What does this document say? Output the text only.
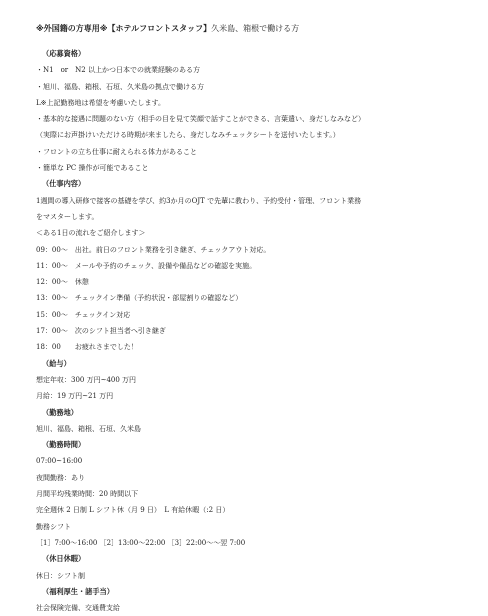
※外国籍の方専用※【ホテルフロントスタッフ】久米島、箱根で働ける方
（応募資格）
・N1　or　N2 以上かつ日本での就業経験のある方
・旭川、福島、箱根、石垣、久米島の拠点で働ける方
L※上記勤務地は希望を考慮いたします。
・基本的な接遇に問題のない方（相手の目を見て笑顔で話すことができる、言葉遣い、身だしなみなど）
（実際にお声掛けいただける時期が来ましたら、身だしなみチェックシートを送付いたします。）
・フロントの立ち仕事に耐えられる体力があること
・簡単な PC 操作が可能であること
（仕事内容）
1週間の導入研修で接客の基礎を学び、約3か月のOJT で先輩に教わり、予約受付・管理、フロント業務
をマスターします。
＜ある1日の流れをご紹介します＞
09：00～　出社。前日のフロント業務を引き継ぎ、チェックアウト対応。
11：00～　メールや予約のチェック、設備や備品などの確認を実施。
12：00～　休憩
13：00～　チェックイン準備（予約状況・部屋割りの確認など）
15：00～　チェックイン対応
17：00～　次のシフト担当者へ引き継ぎ
18：00　　お疲れさまでした！
（給与）
想定年収：300 万円~400 万円
月給：19 万円~21 万円
（勤務地）
旭川、福島、箱根、石垣、久米島
（勤務時間）
07:00~16:00
夜間勤務：あり
月間平均残業時間：20 時間以下
完全週休 2 日制 L シフト休（月 9 日）　L 有給休暇（:2 日）
勤務シフト
［1］7:00～16:00 ［2］13:00～22:00 ［3］22:00～～翌 7:00
（休日休暇）
休日：シフト制
（福利厚生・諸手当）
社会保険完備、交通費支給
